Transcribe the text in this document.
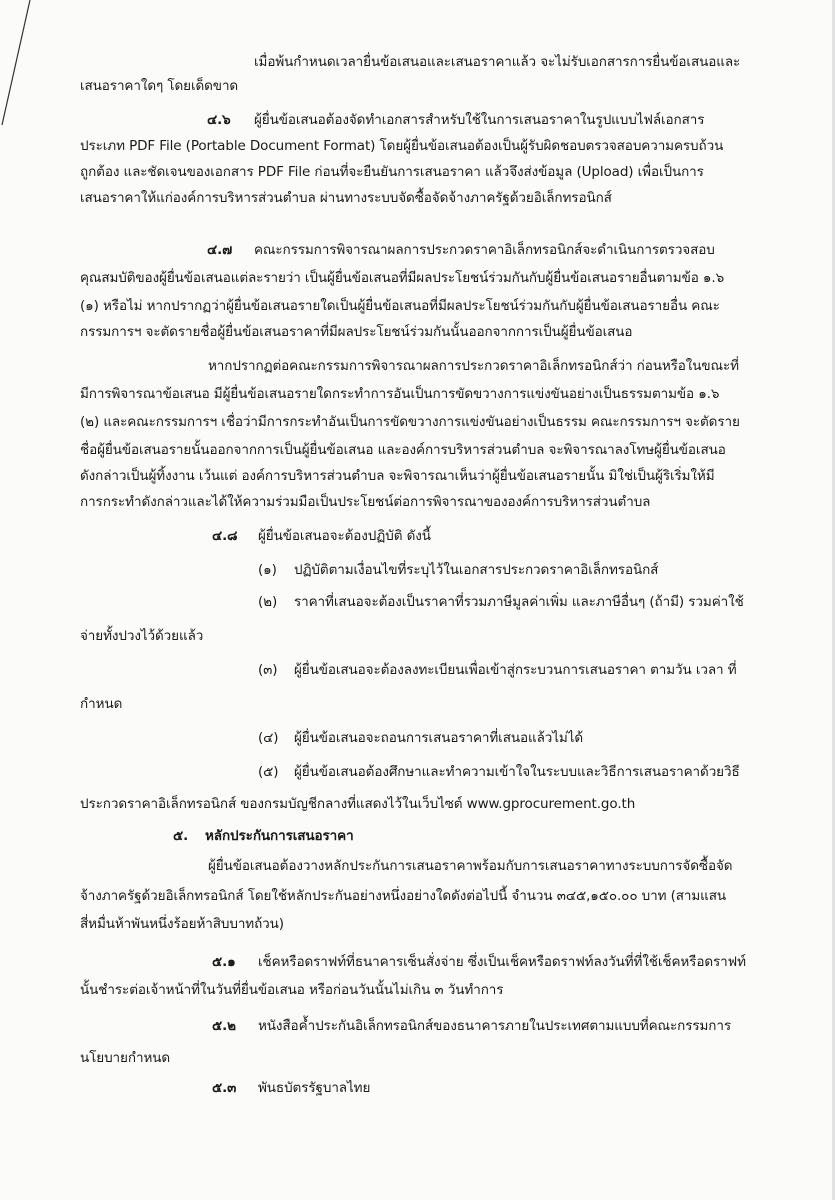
เมื่อพ้นกำหนดเวลายื่นข้อเสนอและเสนอราคาแล้ว จะไม่รับเอกสารการยื่นข้อเสนอและ
เสนอราคาใดๆ โดยเด็ดขาด
๔.๖ ผู้ยื่นข้อเสนอต้องจัดทำเอกสารสำหรับใช้ในการเสนอราคาในรูปแบบไฟล์เอกสาร
ประเภท PDF File (Portable Document Format) โดยผู้ยื่นข้อเสนอต้องเป็นผู้รับผิดชอบตรวจสอบความครบถ้วน
ถูกต้อง และชัดเจนของเอกสาร PDF File ก่อนที่จะยืนยันการเสนอราคา แล้วจึงส่งข้อมูล (Upload) เพื่อเป็นการ
เสนอราคาให้แก่องค์การบริหารส่วนตำบล ผ่านทางระบบจัดซื้อจัดจ้างภาครัฐด้วยอิเล็กทรอนิกส์
๔.๗ คณะกรรมการพิจารณาผลการประกวดราคาอิเล็กทรอนิกส์จะดำเนินการตรวจสอบ
คุณสมบัติของผู้ยื่นข้อเสนอแต่ละรายว่า เป็นผู้ยื่นข้อเสนอที่มีผลประโยชน์ร่วมกันกับผู้ยื่นข้อเสนอรายอื่นตามข้อ ๑.๖
(๑) หรือไม่ หากปรากฏว่าผู้ยื่นข้อเสนอรายใดเป็นผู้ยื่นข้อเสนอที่มีผลประโยชน์ร่วมกันกับผู้ยื่นข้อเสนอรายอื่น คณะ
กรรมการฯ จะตัดรายชื่อผู้ยื่นข้อเสนอราคาที่มีผลประโยชน์ร่วมกันนั้นออกจากการเป็นผู้ยื่นข้อเสนอ
หากปรากฏต่อคณะกรรมการพิจารณาผลการประกวดราคาอิเล็กทรอนิกส์ว่า ก่อนหรือในขณะที่
มีการพิจารณาข้อเสนอ มีผู้ยื่นข้อเสนอรายใดกระทำการอันเป็นการขัดขวางการแข่งขันอย่างเป็นธรรมตามข้อ ๑.๖
(๒) และคณะกรรมการฯ เชื่อว่ามีการกระทำอันเป็นการขัดขวางการแข่งขันอย่างเป็นธรรม คณะกรรมการฯ จะตัดราย
ชื่อผู้ยื่นข้อเสนอรายนั้นออกจากการเป็นผู้ยื่นข้อเสนอ และองค์การบริหารส่วนตำบล จะพิจารณาลงโทษผู้ยื่นข้อเสนอ
ดังกล่าวเป็นผู้ทิ้งงาน เว้นแต่ องค์การบริหารส่วนตำบล จะพิจารณาเห็นว่าผู้ยื่นข้อเสนอรายนั้น มิใช่เป็นผู้ริเริ่มให้มี
การกระทำดังกล่าวและได้ให้ความร่วมมือเป็นประโยชน์ต่อการพิจารณาขององค์การบริหารส่วนตำบล
๔.๘ ผู้ยื่นข้อเสนอจะต้องปฏิบัติ ดังนี้
(๑) ปฏิบัติตามเงื่อนไขที่ระบุไว้ในเอกสารประกวดราคาอิเล็กทรอนิกส์
(๒) ราคาที่เสนอจะต้องเป็นราคาที่รวมภาษีมูลค่าเพิ่ม และภาษีอื่นๆ (ถ้ามี) รวมค่าใช้
จ่ายทั้งปวงไว้ด้วยแล้ว
(๓) ผู้ยื่นข้อเสนอจะต้องลงทะเบียนเพื่อเข้าสู่กระบวนการเสนอราคา ตามวัน เวลา ที่
กำหนด
(๔) ผู้ยื่นข้อเสนอจะถอนการเสนอราคาที่เสนอแล้วไม่ได้
(๕) ผู้ยื่นข้อเสนอต้องศึกษาและทำความเข้าใจในระบบและวิธีการเสนอราคาด้วยวิธี
ประกวดราคาอิเล็กทรอนิกส์ ของกรมบัญชีกลางที่แสดงไว้ในเว็บไซต์ www.gprocurement.go.th
๕. หลักประกันการเสนอราคา
ผู้ยื่นข้อเสนอต้องวางหลักประกันการเสนอราคาพร้อมกับการเสนอราคาทางระบบการจัดซื้อจัด
จ้างภาครัฐด้วยอิเล็กทรอนิกส์ โดยใช้หลักประกันอย่างหนึ่งอย่างใดดังต่อไปนี้ จำนวน ๓๔๕,๑๕๐.๐๐ บาท (สามแสน
สี่หมื่นห้าพันหนึ่งร้อยห้าสิบบาทถ้วน)
๕.๑ เช็คหรือดราฟท์ที่ธนาคารเซ็นสั่งจ่าย ซึ่งเป็นเช็คหรือดราฟท์ลงวันที่ที่ใช้เช็คหรือดราฟท์
นั้นชำระต่อเจ้าหน้าที่ในวันที่ยื่นข้อเสนอ หรือก่อนวันนั้นไม่เกิน ๓ วันทำการ
๕.๒ หนังสือค้ำประกันอิเล็กทรอนิกส์ของธนาคารภายในประเทศตามแบบที่คณะกรรมการ
นโยบายกำหนด
๕.๓ พันธบัตรรัฐบาลไทย
